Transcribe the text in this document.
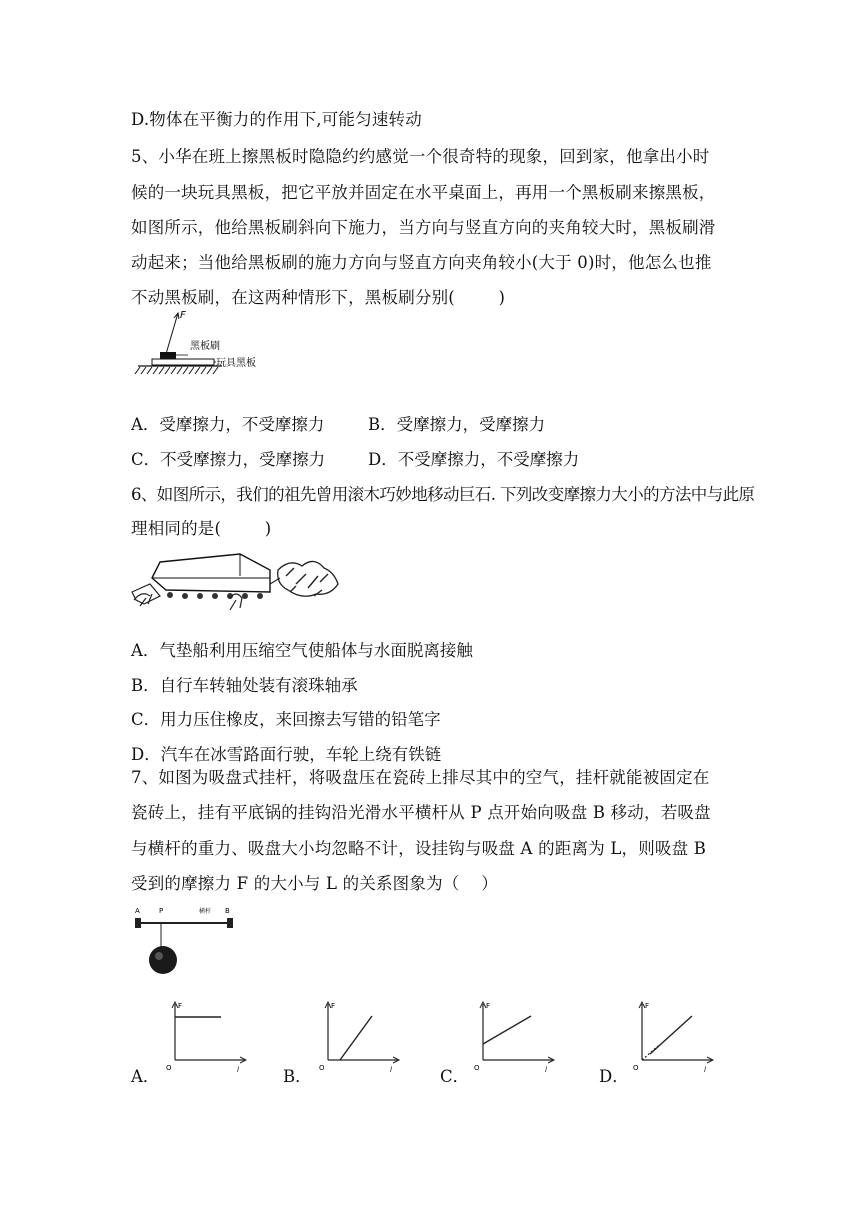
D.物体在平衡力的作用下,可能匀速转动
5、小华在班上擦黑板时隐隐约约感觉一个很奇特的现象，回到家，他拿出小时
候的一块玩具黑板，把它平放并固定在水平桌面上，再用一个黑板刷来擦黑板，
如图所示，他给黑板刷斜向下施力，当方向与竖直方向的夹角较大时，黑板刷滑
动起来；当他给黑板刷的施力方向与竖直方向夹角较小(大于 0)时，他怎么也推
不动黑板刷，在这两种情形下，黑板刷分别(        )
F
黑板刷
玩具黑板
A．受摩擦力，不受摩擦力	B．受摩擦力，受摩擦力
C．不受摩擦力，受摩擦力	D．不受摩擦力，不受摩擦力
6、如图所示，我们的祖先曾用滚木巧妙地移动巨石. 下列改变摩擦力大小的方法中与此原
理相同的是(        )
A．气垫船利用压缩空气使船体与水面脱离接触
B．自行车转轴处装有滚珠轴承
C．用力压住橡皮，来回擦去写错的铅笔字
D．汽车在冰雪路面行驶，车轮上绕有铁链
7、如图为吸盘式挂杆，将吸盘压在瓷砖上排尽其中的空气，挂杆就能被固定在
瓷砖上，挂有平底锅的挂钩沿光滑水平横杆从 P 点开始向吸盘 B 移动，若吸盘
与横杆的重力、吸盘大小均忽略不计，设挂钩与吸盘 A 的距离为 L，则吸盘 B
受到的摩擦力 F 的大小与 L 的关系图象为（    ）
A	P	横杆 B
A．	B．	C．	D．
F
O	l
F
O	l
F
O	l
F
O	l
